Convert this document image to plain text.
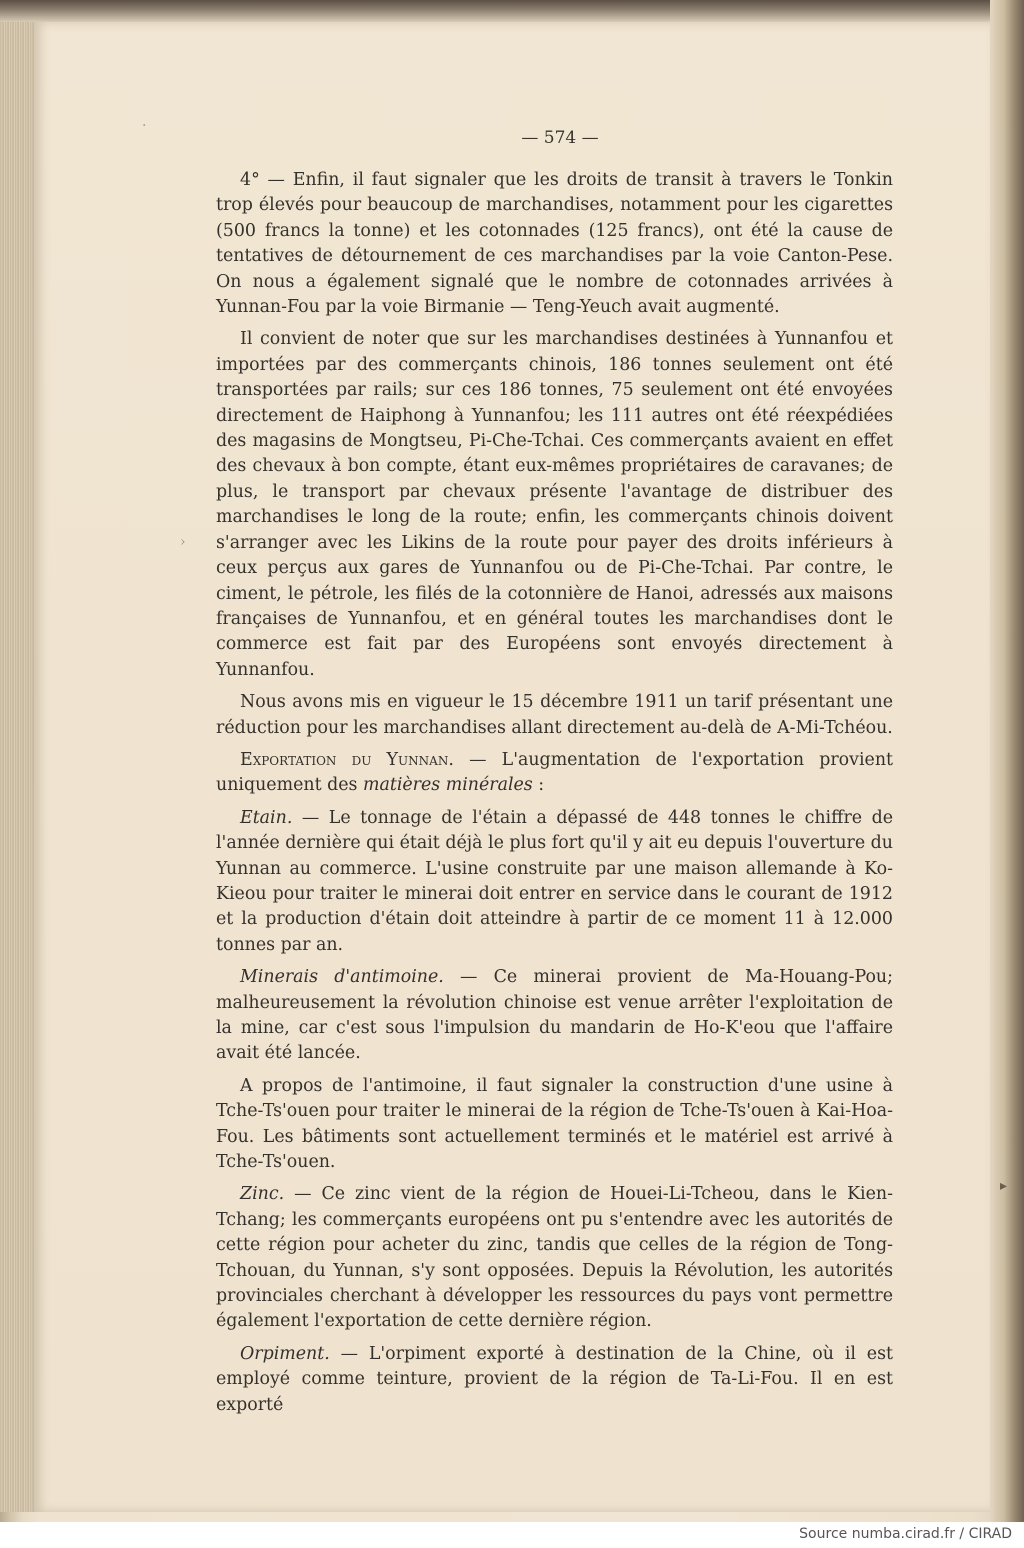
·
›
▸
— 574 —

4° — Enfin, il faut signaler que les droits de transit à travers le Tonkin trop élevés pour beaucoup de marchandises, notamment pour les cigarettes (500 francs la tonne) et les cotonnades (125 francs), ont été la cause de tentatives de détournement de ces marchandises par la voie Canton-Pese. On nous a également signalé que le nombre de cotonnades arrivées à Yunnan-Fou par la voie Birmanie — Teng-Yeuch avait augmenté.

Il convient de noter que sur les marchandises destinées à Yunnanfou et importées par des commerçants chinois, 186 tonnes seulement ont été transportées par rails; sur ces 186 tonnes, 75 seulement ont été envoyées directement de Haiphong à Yunnanfou; les 111 autres ont été réexpédiées des magasins de Mongtseu, Pi-Che-Tchai. Ces commerçants avaient en effet des chevaux à bon compte, étant eux-mêmes propriétaires de caravanes; de plus, le transport par chevaux présente l'avantage de distribuer des marchandises le long de la route; enfin, les commerçants chinois doivent s'arranger avec les Likins de la route pour payer des droits inférieurs à ceux perçus aux gares de Yunnanfou ou de Pi-Che-Tchai. Par contre, le ciment, le pétrole, les filés de la cotonnière de Hanoi, adressés aux maisons françaises de Yunnanfou, et en général toutes les marchandises dont le commerce est fait par des Européens sont envoyés directement à Yunnanfou.

Nous avons mis en vigueur le 15 décembre 1911 un tarif présentant une réduction pour les marchandises allant directement au-delà de A-Mi-Tchéou.

Exportation du Yunnan. — L'augmentation de l'exportation provient uniquement des matières minérales :

Etain. — Le tonnage de l'étain a dépassé de 448 tonnes le chiffre de l'année dernière qui était déjà le plus fort qu'il y ait eu depuis l'ouverture du Yunnan au commerce. L'usine construite par une maison allemande à Ko-Kieou pour traiter le minerai doit entrer en service dans le courant de 1912 et la production d'étain doit atteindre à partir de ce moment 11 à 12.000 tonnes par an.

Minerais d'antimoine. — Ce minerai provient de Ma-Houang-Pou; malheureusement la révolution chinoise est venue arrêter l'exploitation de la mine, car c'est sous l'impulsion du mandarin de Ho-K'eou que l'affaire avait été lancée.

A propos de l'antimoine, il faut signaler la construction d'une usine à Tche-Ts'ouen pour traiter le minerai de la région de Tche-Ts'ouen à Kai-Hoa-Fou. Les bâtiments sont actuellement terminés et le matériel est arrivé à Tche-Ts'ouen.

Zinc. — Ce zinc vient de la région de Houei-Li-Tcheou, dans le Kien-Tchang; les commerçants européens ont pu s'entendre avec les autorités de cette région pour acheter du zinc, tandis que celles de la région de Tong-Tchouan, du Yunnan, s'y sont opposées. Depuis la Révolution, les autorités provinciales cherchant à développer les ressources du pays vont permettre également l'exportation de cette dernière région.

Orpiment. — L'orpiment exporté à destination de la Chine, où il est employé comme teinture, provient de la région de Ta-Li-Fou. Il en est exporté

Source numba.cirad.fr / CIRAD
